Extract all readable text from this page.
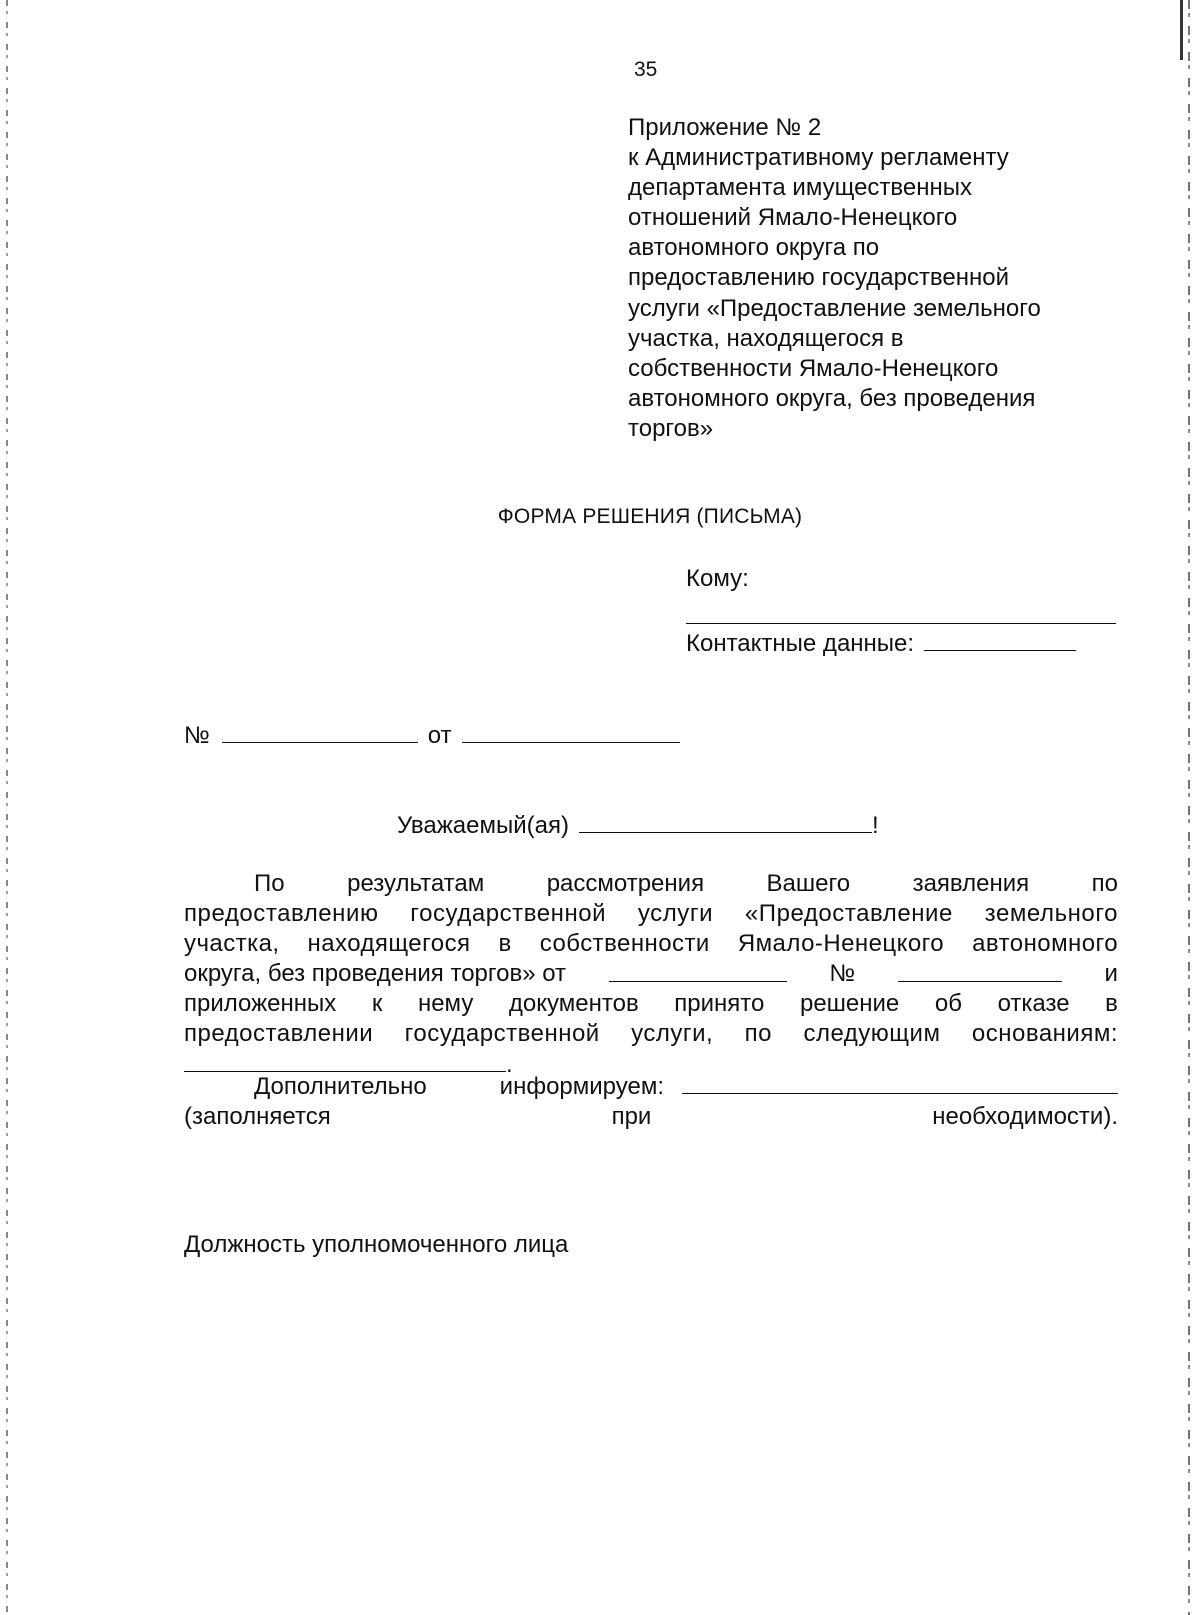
35
Приложение № 2
к Административному регламенту
департамента имущественных
отношений Ямало-Ненецкого
автономного округа по
предоставлению государственной
услуги «Предоставление земельного
участка, находящегося в
собственности Ямало-Ненецкого
автономного округа, без проведения
торгов»
ФОРМА РЕШЕНИЯ (ПИСЬМА)
Кому:
Контактные данные:
№	от
Уважаемый(ая)	!
По	результатам	рассмотрения	Вашего	заявления	по
предоставлению государственной услуги «Предоставление земельного
участка, находящегося в собственности Ямало-Ненецкого автономного
округа, без проведения торгов» от	№	и
приложенных к нему документов принято решение об отказе в
предоставлении государственной услуги, по следующим основаниям:
.
Дополнительно информируем:
(заполняется при необходимости).
Должность уполномоченного лица
